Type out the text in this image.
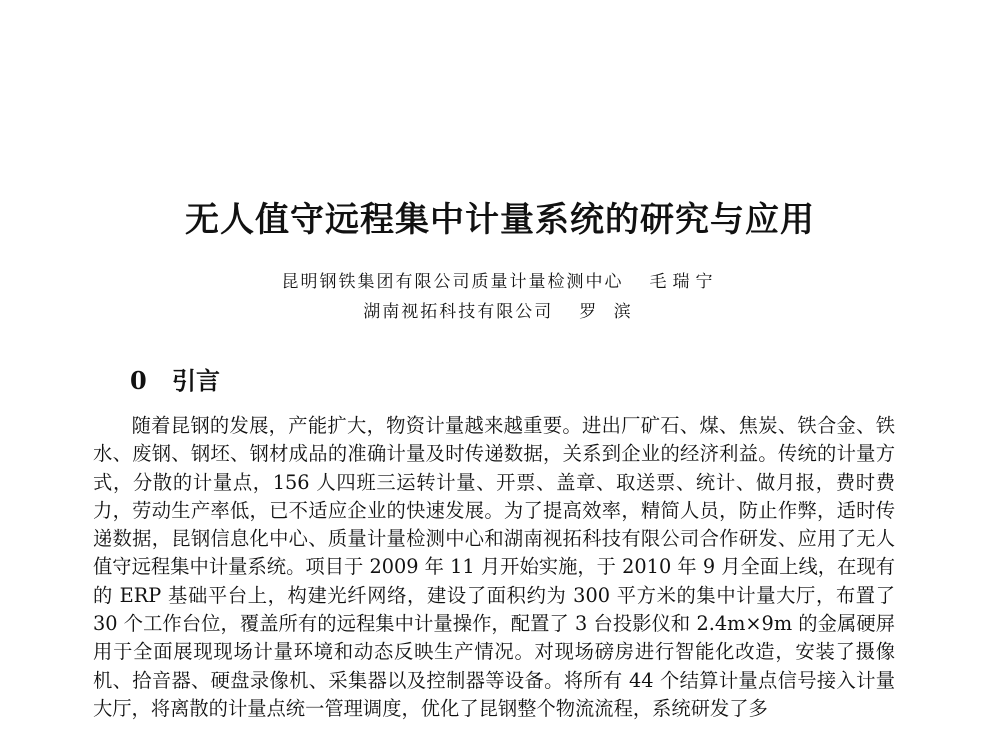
无人值守远程集中计量系统的研究与应用
昆明钢铁集团有限公司质量计量检测中心 毛瑞宁
湖南视拓科技有限公司 罗 滨
0 引言

随着昆钢的发展，产能扩大，物资计量越来越重要。进出厂矿石、煤、焦炭、铁合金、铁水、废钢、钢坯、钢材成品的准确计量及时传递数据，关系到企业的经济利益。传统的计量方式，分散的计量点，156 人四班三运转计量、开票、盖章、取送票、统计、做月报，费时费力，劳动生产率低，已不适应企业的快速发展。为了提高效率，精简人员，防止作弊，适时传递数据，昆钢信息化中心、质量计量检测中心和湖南视拓科技有限公司合作研发、应用了无人值守远程集中计量系统。项目于 2009 年 11 月开始实施，于 2010 年 9 月全面上线，在现有的 ERP 基础平台上，构建光纤网络，建设了面积约为 300 平方米的集中计量大厅，布置了 30 个工作台位，覆盖所有的远程集中计量操作，配置了 3 台投影仪和 2.4m×9m 的金属硬屏用于全面展现现场计量环境和动态反映生产情况。对现场磅房进行智能化改造，安装了摄像机、拾音器、硬盘录像机、采集器以及控制器等设备。将所有 44 个结算计量点信号接入计量大厅，将离散的计量点统一管理调度，优化了昆钢整个物流流程，系统研发了多
